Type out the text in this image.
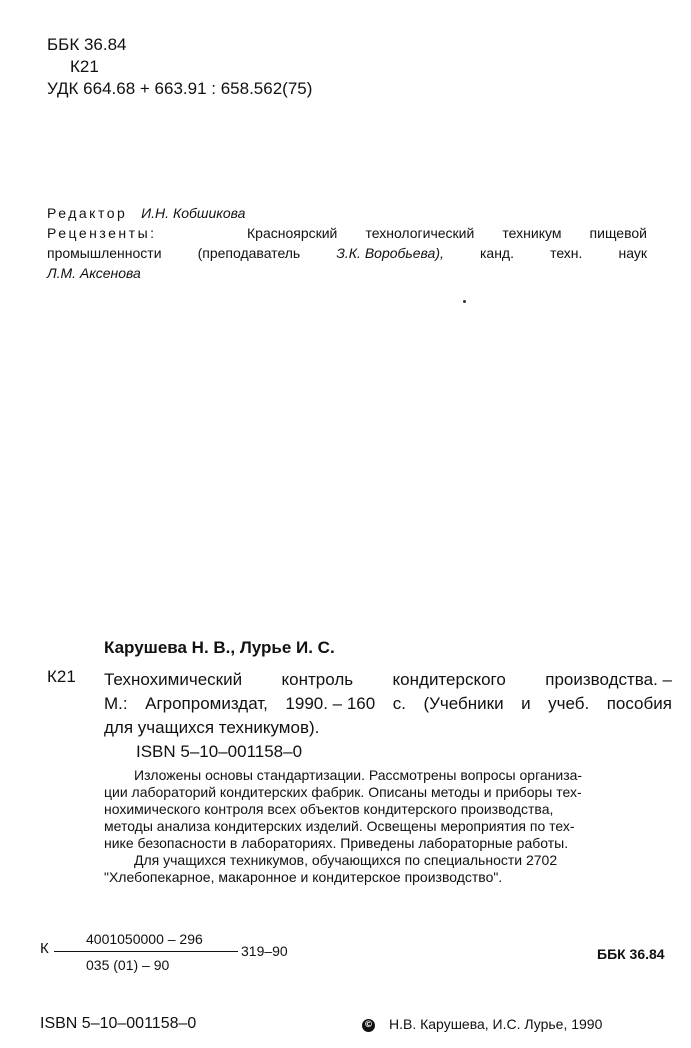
ББК 36.84
К21
УДК 664.68 + 663.91 : 658.562(75)
Редактор И.Н. Кобшикова
Рецензенты:	Красноярский технологический техникум пищевой
промышленности	(преподаватель	З.К. Воробьева),	канд.	техн.	наук
Л.М. Аксенова
Карушева Н. В., Лурье И. С.
К21 Технохимический контроль кондитерского производства. –
М.: Агропромиздат, 1990. – 160 с. (Учебники и учеб. пособия
для учащихся техникумов).
ISBN 5–10–001158–0
Изложены основы стандартизации. Рассмотрены вопросы организа-
ции лабораторий кондитерских фабрик. Описаны методы и приборы тех-
нохимического контроля всех объектов кондитерского производства,
методы анализа кондитерских изделий. Освещены мероприятия по тех-
нике безопасности в лабораториях. Приведены лабораторные работы.
Для учащихся техникумов, обучающихся по специальности 2702
"Хлебопекарное, макаронное и кондитерское производство".
К
4001050000 – 296
035 (01) – 90
319–90	ББК 36.84
ISBN 5–10–001158–0	© Н.В. Карушева, И.С. Лурье, 1990
